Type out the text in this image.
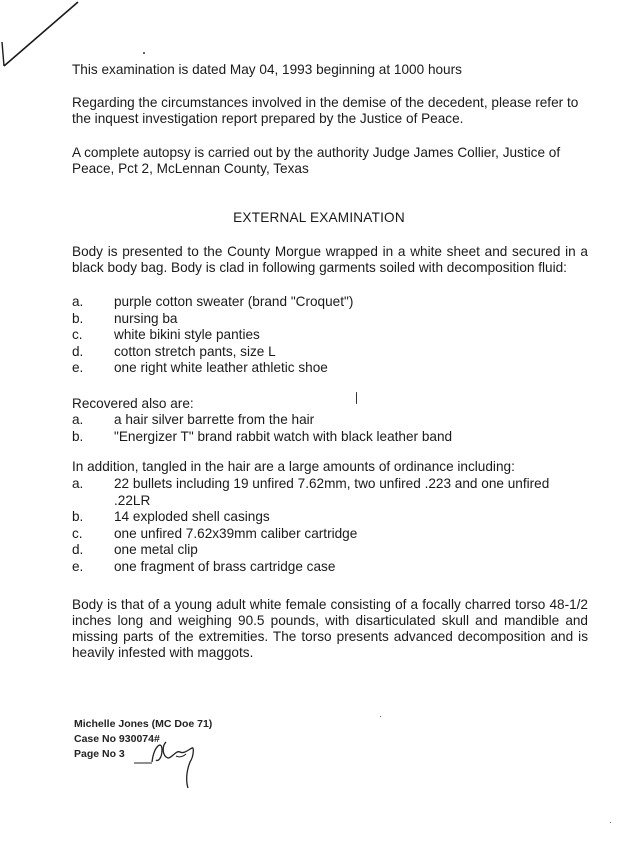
This examination is dated May 04, 1993 beginning at 1000 hours

Regarding the circumstances involved in the demise of the decedent, please refer to the inquest investigation report prepared by the Justice of Peace.

A complete autopsy is carried out by the authority Judge James Collier, Justice of Peace, Pct 2, McLennan County, Texas

EXTERNAL EXAMINATION

Body is presented to the County Morgue wrapped in a white sheet and secured in a black body bag. Body is clad in following garments soiled with decomposition fluid:

a. purple cotton sweater (brand "Croquet")
b. nursing ba
c. white bikini style panties
d. cotton stretch pants, size L
e. one right white leather athletic shoe

Recovered also are:

a. a hair silver barrette from the hair
b. "Energizer T" brand rabbit watch with black leather band

In addition, tangled in the hair are a large amounts of ordinance including:

a. 22 bullets including 19 unfired 7.62mm, two unfired .223 and one unfired .22LR
b. 14 exploded shell casings
c. one unfired 7.62x39mm caliber cartridge
d. one metal clip
e. one fragment of brass cartridge case

Body is that of a young adult white female consisting of a focally charred torso 48-1/2 inches long and weighing 90.5 pounds, with disarticulated skull and mandible and missing parts of the extremities. The torso presents advanced decomposition and is heavily infested with maggots.

Michelle Jones (MC Doe 71)
Case No 930074#
Page No 3
